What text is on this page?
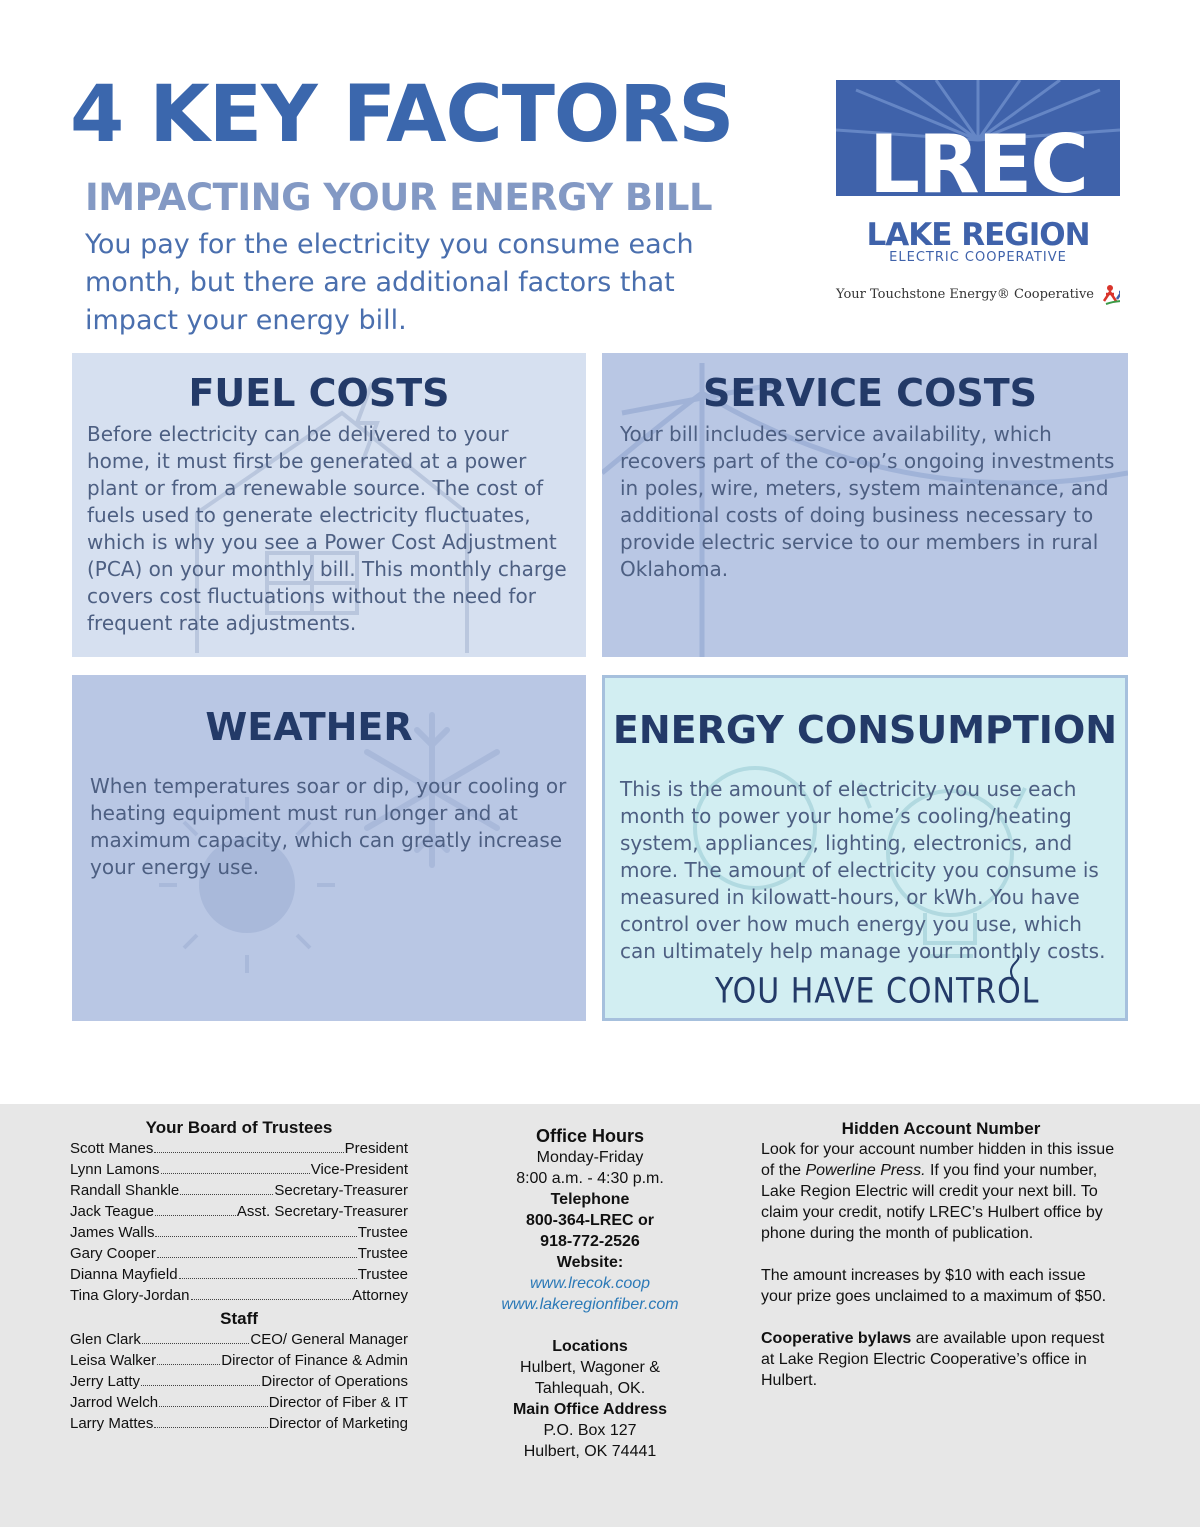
4 KEY FACTORS
IMPACTING YOUR ENERGY BILL
You pay for the electricity you consume each month, but there are additional factors that impact your energy bill.
LREC
LAKE REGION
ELECTRIC COOPERATIVE
Your Touchstone Energy® Cooperative
FUEL COSTS

Before electricity can be delivered to your home, it must first be generated at a power plant or from a renewable source. The cost of fuels used to generate electricity fluctuates, which is why you see a Power Cost Adjustment (PCA) on your monthly bill. This monthly charge covers cost fluctuations without the need for frequent rate adjustments.

SERVICE COSTS

Your bill includes service availability, which recovers part of the co-op’s ongoing investments in poles, wire, meters, system maintenance, and additional costs of doing business necessary to provide electric service to our members in rural Oklahoma.

WEATHER

When temperatures soar or dip, your cooling or heating equipment must run longer and at maximum capacity, which can greatly increase your energy use.

ENERGY CONSUMPTION

This is the amount of electricity you use each month to power your home’s cooling/heating system, appliances, lighting, electronics, and more. The amount of electricity you consume is measured in kilowatt-hours, or kWh. You have control over how much energy you use, which can ultimately help manage your monthly costs.

YOU HAVE CONTROL
Your Board of Trustees
Scott Manes	President
Lynn Lamons	Vice-President
Randall Shankle	Secretary-Treasurer
Jack Teague	Asst. Secretary-Treasurer
James Walls	Trustee
Gary Cooper	Trustee
Dianna Mayfield	Trustee
Tina Glory-Jordan	Attorney
Staff
Glen Clark	CEO/ General Manager
Leisa Walker	Director of Finance & Admin
Jerry Latty	Director of Operations
Jarrod Welch	Director of Fiber & IT
Larry Mattes	Director of Marketing
Office Hours
Monday-Friday
8:00 a.m. - 4:30 p.m.
Telephone
800-364-LREC or
918-772-2526
Website:
www.lrecok.coop
www.lakeregionfiber.com
Locations
Hulbert, Wagoner &
Tahlequah, OK.
Main Office Address
P.O. Box 127
Hulbert, OK 74441
Hidden Account Number

Look for your account number hidden in this issue of the Powerline Press. If you find your number, Lake Region Electric will credit your next bill. To claim your credit, notify LREC’s Hulbert office by phone during the month of publication.

The amount increases by $10 with each issue your prize goes unclaimed to a maximum of $50.

Cooperative bylaws are available upon request at Lake Region Electric Cooperative’s office in Hulbert.
